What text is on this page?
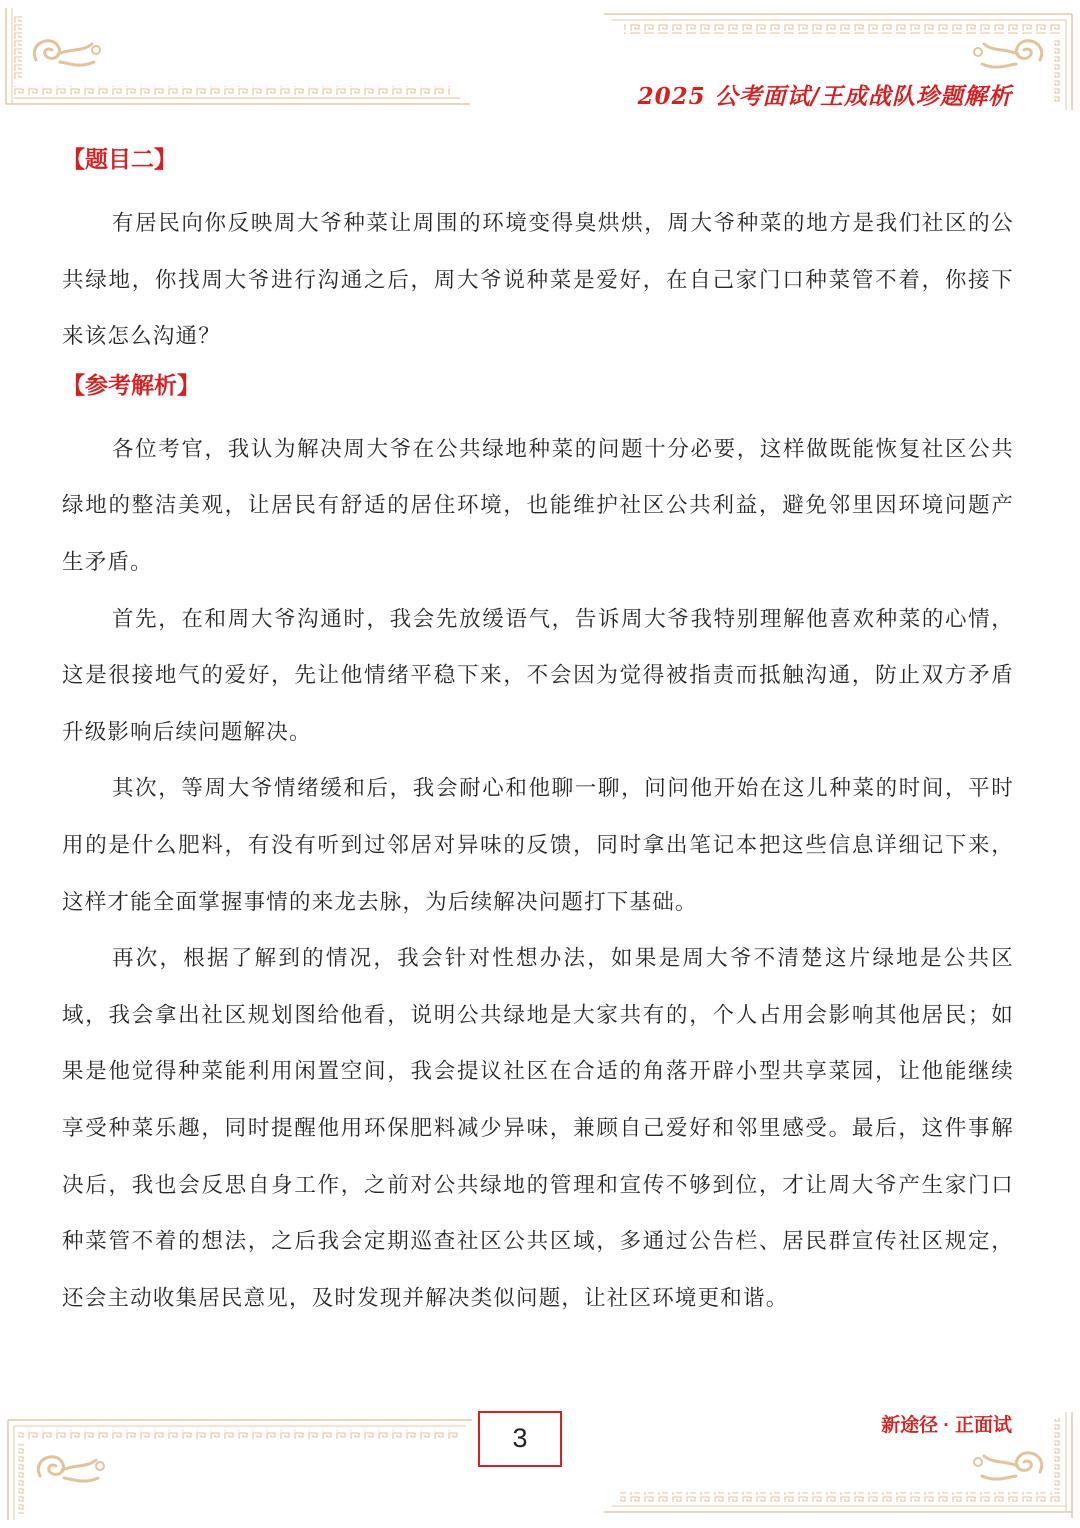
2025 公考面试/王成战队珍题解析
【题目二】

有居民向你反映周大爷种菜让周围的环境变得臭烘烘，周大爷种菜的地方是我们社区的公共绿地，你找周大爷进行沟通之后，周大爷说种菜是爱好，在自己家门口种菜管不着，你接下来该怎么沟通？

【参考解析】

各位考官，我认为解决周大爷在公共绿地种菜的问题十分必要，这样做既能恢复社区公共绿地的整洁美观，让居民有舒适的居住环境，也能维护社区公共利益，避免邻里因环境问题产生矛盾。

首先，在和周大爷沟通时，我会先放缓语气，告诉周大爷我特别理解他喜欢种菜的心情，这是很接地气的爱好，先让他情绪平稳下来，不会因为觉得被指责而抵触沟通，防止双方矛盾升级影响后续问题解决。

其次，等周大爷情绪缓和后，我会耐心和他聊一聊，问问他开始在这儿种菜的时间，平时用的是什么肥料，有没有听到过邻居对异味的反馈，同时拿出笔记本把这些信息详细记下来，这样才能全面掌握事情的来龙去脉，为后续解决问题打下基础。

再次，根据了解到的情况，我会针对性想办法，如果是周大爷不清楚这片绿地是公共区域，我会拿出社区规划图给他看，说明公共绿地是大家共有的，个人占用会影响其他居民；如果是他觉得种菜能利用闲置空间，我会提议社区在合适的角落开辟小型共享菜园，让他能继续享受种菜乐趣，同时提醒他用环保肥料减少异味，兼顾自己爱好和邻里感受。最后，这件事解决后，我也会反思自身工作，之前对公共绿地的管理和宣传不够到位，才让周大爷产生家门口种菜管不着的想法，之后我会定期巡查社区公共区域，多通过公告栏、居民群宣传社区规定，还会主动收集居民意见，及时发现并解决类似问题，让社区环境更和谐。

3	新途径 · 正面试
